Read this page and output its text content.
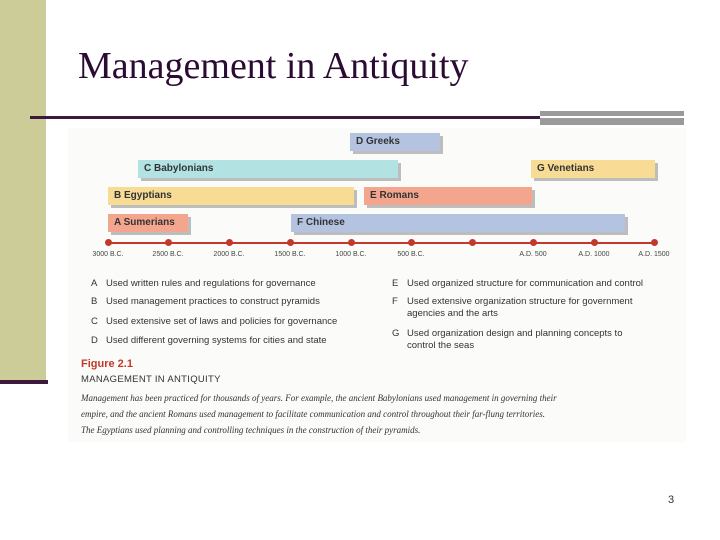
Management in Antiquity
D Greeks
C Babylonians	G Venetians
B Egyptians	E Romans
A Sumerians	F Chinese
3000 B.C.	2500 B.C.	2000 B.C.	1500 B.C.	1000 B.C.	500 B.C.	A.D. 500	A.D. 1000	A.D. 1500
A Used written rules and regulations for governance
B Used management practices to construct pyramids
C Used extensive set of laws and policies for governance
D Used different governing systems for cities and state
E Used organized structure for communication and control
F Used extensive organization structure for government
agencies and the arts
G Used organization design and planning concepts to
control the seas
Figure 2.1
MANAGEMENT IN ANTIQUITY
Management has been practiced for thousands of years. For example, the ancient Babylonians used management in governing their
empire, and the ancient Romans used management to facilitate communication and control throughout their far-flung territories.
The Egyptians used planning and controlling techniques in the construction of their pyramids.
3
